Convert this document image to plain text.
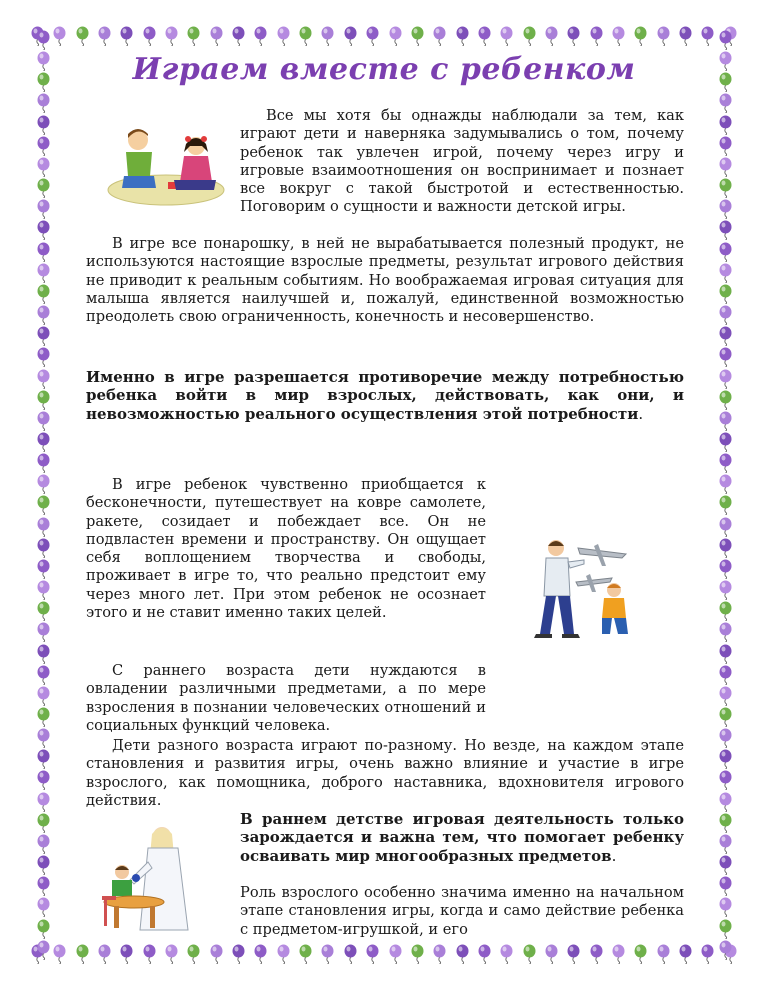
Играем вместе с ребенком

Все мы хотя бы однажды наблюдали за тем, как играют дети и наверняка задумывались о том, почему ребенок так увлечен игрой, почему через игру и игровые взаимоотношения он воспринимает и познает все вокруг с такой быстротой и естественностью. Поговорим о сущности и важности детской игры.

В игре все понарошку, в ней не вырабатывается полезный продукт, не используются настоящие взрослые предметы, результат игрового действия не приводит к реальным событиям. Но воображаемая игровая ситуация для малыша является наилучшей и, пожалуй, единственной возможностью преодолеть свою ограниченность, конечность и несовершенство.

Именно в игре разрешается противоречие между потребностью ребенка войти в мир взрослых, действовать, как они, и невозможностью реального осуществления этой потребности.

В игре ребенок чувственно приобщается к бесконечности, путешествует на ковре самолете, ракете, созидает и побеждает все. Он не подвластен времени и пространству. Он ощущает себя воплощением творчества и свободы, проживает в игре то, что реально предстоит ему через много лет. При этом ребенок не осознает этого и не ставит именно таких целей.

С раннего возраста дети нуждаются в овладении различными предметами, а по мере взросления в познании человеческих отношений и социальных функций человека.

Дети разного возраста играют по-разному. Но везде, на каждом этапе становления и развития игры, очень важно влияние и участие в игре взрослого, как помощника, доброго наставника, вдохновителя игрового действия.

В раннем детстве игровая деятельность только зарождается и важна тем, что помогает ребенку осваивать мир многообразных предметов.

Роль взрослого особенно значима именно на начальном этапе становления игры, когда и само действие ребенка с предметом-игрушкой, и его
